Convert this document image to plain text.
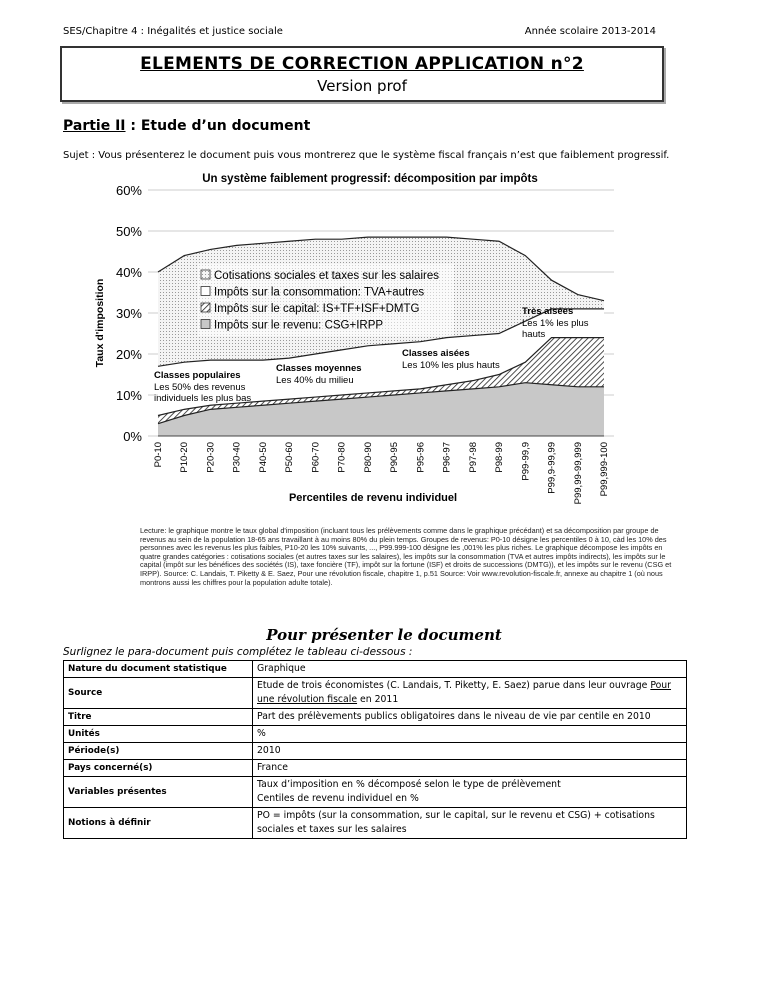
SES/Chapitre 4 : Inégalités et justice sociale	Année scolaire 2013-2014
ELEMENTS DE CORRECTION APPLICATION n°2
Version prof
Partie II : Etude d’un document
Sujet : Vous présenterez le document puis vous montrerez que le système fiscal français n’est que faiblement progressif.
0%
10%
20%
30%
40%
50%
60%
P0-10 P10-20 P20-30 P30-40 P40-50 P50-60 P60-70 P70-80 P80-90 P90-95 P95-96 P96-97 P97-98 P98-99 P99-99,9 P99,9-99,99 P99,99-99,999 P99,999-100
Cotisations sociales et taxes sur les salaires
Impôts sur la consommation: TVA+autres
Impôts sur le capital: IS+TF+ISF+DMTG
Impôts sur le revenu: CSG+IRPP
Classes populaires
Les 50% des revenus
individuels les plus bas
Classes moyennes
Les 40% du milieu
Classes aisées
Les 10% les plus hauts
Très aisées
Les 1% les plus
hauts
Un système faiblement progressif: décomposition par impôts
Taux d'imposition
Percentiles de revenu individuel
Lecture: le graphique montre le taux global d'imposition (incluant tous les prélèvements comme dans le graphique précédant) et sa décomposition par groupe de revenus au sein de la population 18-65 ans travaillant à au moins 80% du plein temps. Groupes de revenus: P0-10 désigne les percentiles 0 à 10, càd les 10% des personnes avec les revenus les plus faibles, P10-20 les 10% suivants, ..., P99.999-100 désigne les ,001% les plus riches. Le graphique décompose les impôts en quatre grandes catégories : cotisations sociales (et autres taxes sur les salaires), les impôts sur la consommation (TVA et autres impôts indirects), les impôts sur le capital (impôt sur les bénéfices des sociétés (IS), taxe foncière (TF), impôt sur la fortune (ISF) et droits de successions (DMTG)), et les impôts sur le revenu (CSG et IRPP). Source: C. Landais, T. Piketty & E. Saez, Pour une révolution fiscale, chapitre 1, p.51 Source: Voir www.revolution-fiscale.fr, annexe au chapitre 1 (où nous montrons aussi les chiffres pour la population adulte totale).
Pour présenter le document
Surlignez le para-document puis complétez le tableau ci-dessous :
Nature du document statistique	Graphique
Source	Etude de trois économistes (C. Landais, T. Piketty, E. Saez) parue dans leur ouvrage Pour une révolution fiscale en 2011
Titre	Part des prélèvements publics obligatoires dans le niveau de vie par centile en 2010
Unités	%
Période(s)	2010
Pays concerné(s)	France
Variables présentes	Taux d’imposition en % décomposé selon le type de prélèvement
Centiles de revenu individuel en %

Notions à définir	PO = impôts (sur la consommation, sur le capital, sur le revenu et CSG) + cotisations sociales et taxes sur les salaires
